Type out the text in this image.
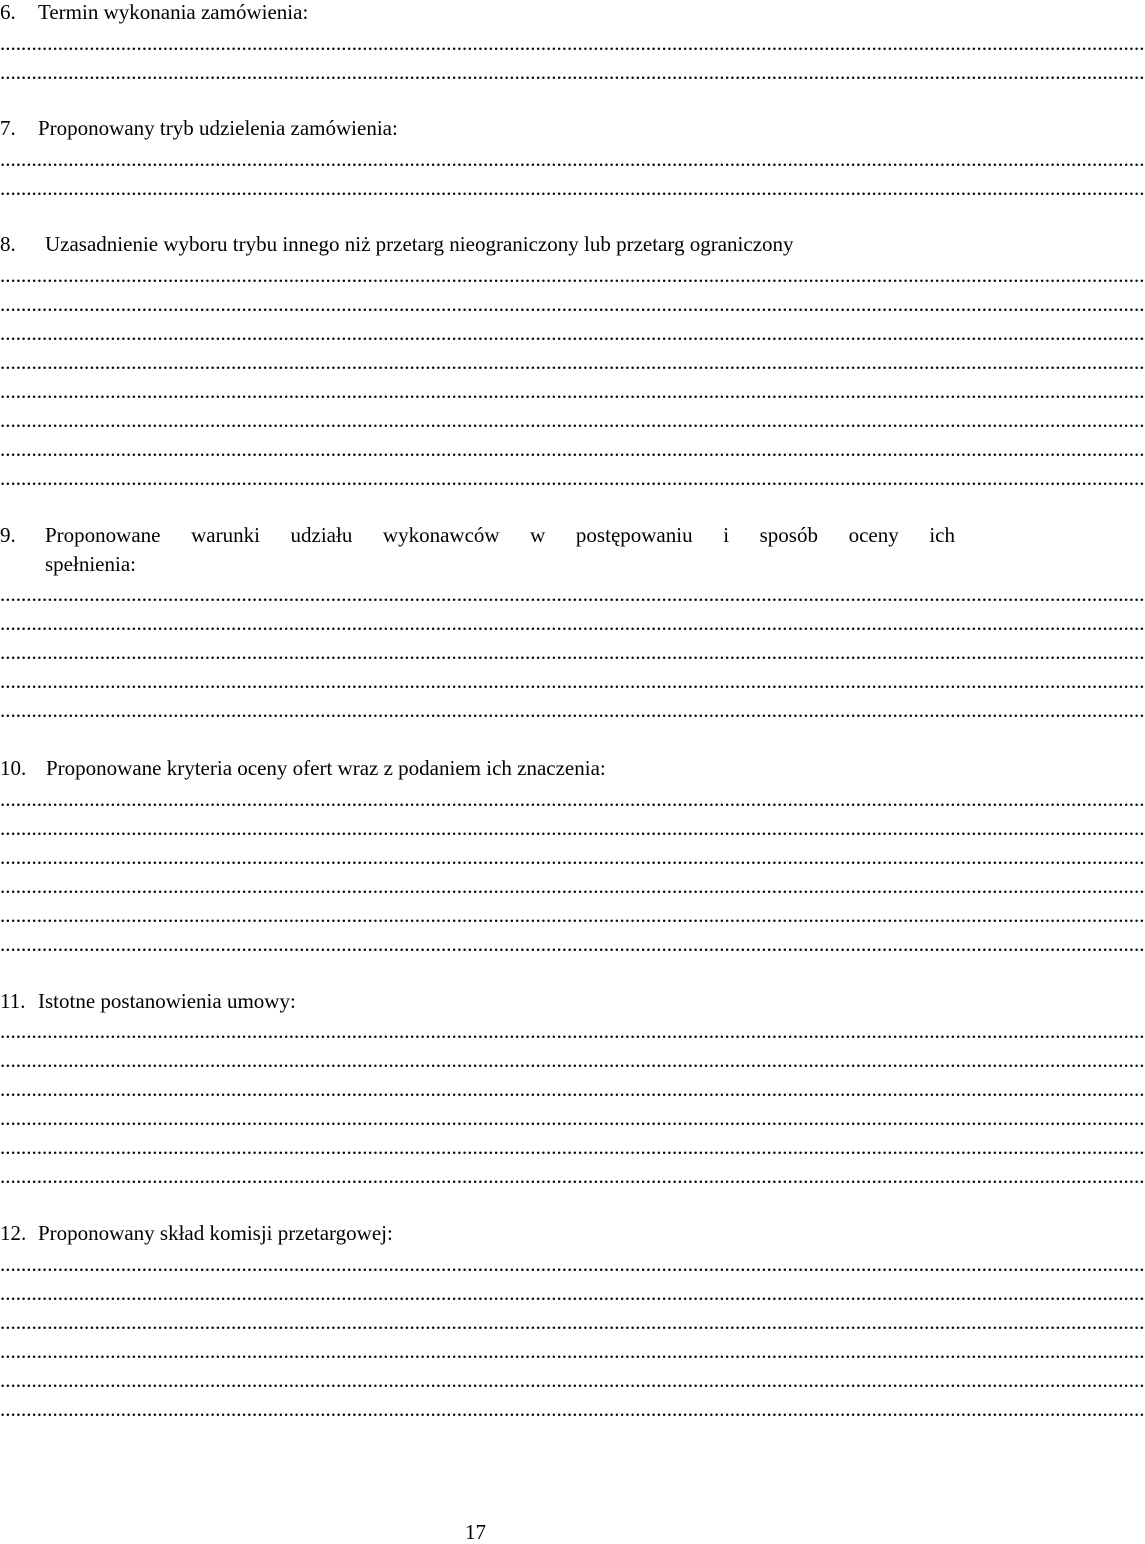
6. Termin wykonania zamówienia:
..........................................................................................................................................................................................................................
..........................................................................................................................................................................................................................
7. Proponowany tryb udzielenia zamówienia:
..........................................................................................................................................................................................................................
..........................................................................................................................................................................................................................
8. Uzasadnienie wyboru trybu innego niż przetarg nieograniczony lub przetarg ograniczony
..........................................................................................................................................................................................................................
..........................................................................................................................................................................................................................
..........................................................................................................................................................................................................................
..........................................................................................................................................................................................................................
..........................................................................................................................................................................................................................
..........................................................................................................................................................................................................................
..........................................................................................................................................................................................................................
..........................................................................................................................................................................................................................
9. Proponowane warunki udziału wykonawców w postępowaniu i sposób oceny ich
spełnienia:
..........................................................................................................................................................................................................................
..........................................................................................................................................................................................................................
..........................................................................................................................................................................................................................
..........................................................................................................................................................................................................................
..........................................................................................................................................................................................................................
10. Proponowane kryteria oceny ofert wraz z podaniem ich znaczenia:
..........................................................................................................................................................................................................................
..........................................................................................................................................................................................................................
..........................................................................................................................................................................................................................
..........................................................................................................................................................................................................................
..........................................................................................................................................................................................................................
..........................................................................................................................................................................................................................
11. Istotne postanowienia umowy:
..........................................................................................................................................................................................................................
..........................................................................................................................................................................................................................
..........................................................................................................................................................................................................................
..........................................................................................................................................................................................................................
..........................................................................................................................................................................................................................
..........................................................................................................................................................................................................................
12. Proponowany skład komisji przetargowej:
..........................................................................................................................................................................................................................
..........................................................................................................................................................................................................................
..........................................................................................................................................................................................................................
..........................................................................................................................................................................................................................
..........................................................................................................................................................................................................................
..........................................................................................................................................................................................................................
17
